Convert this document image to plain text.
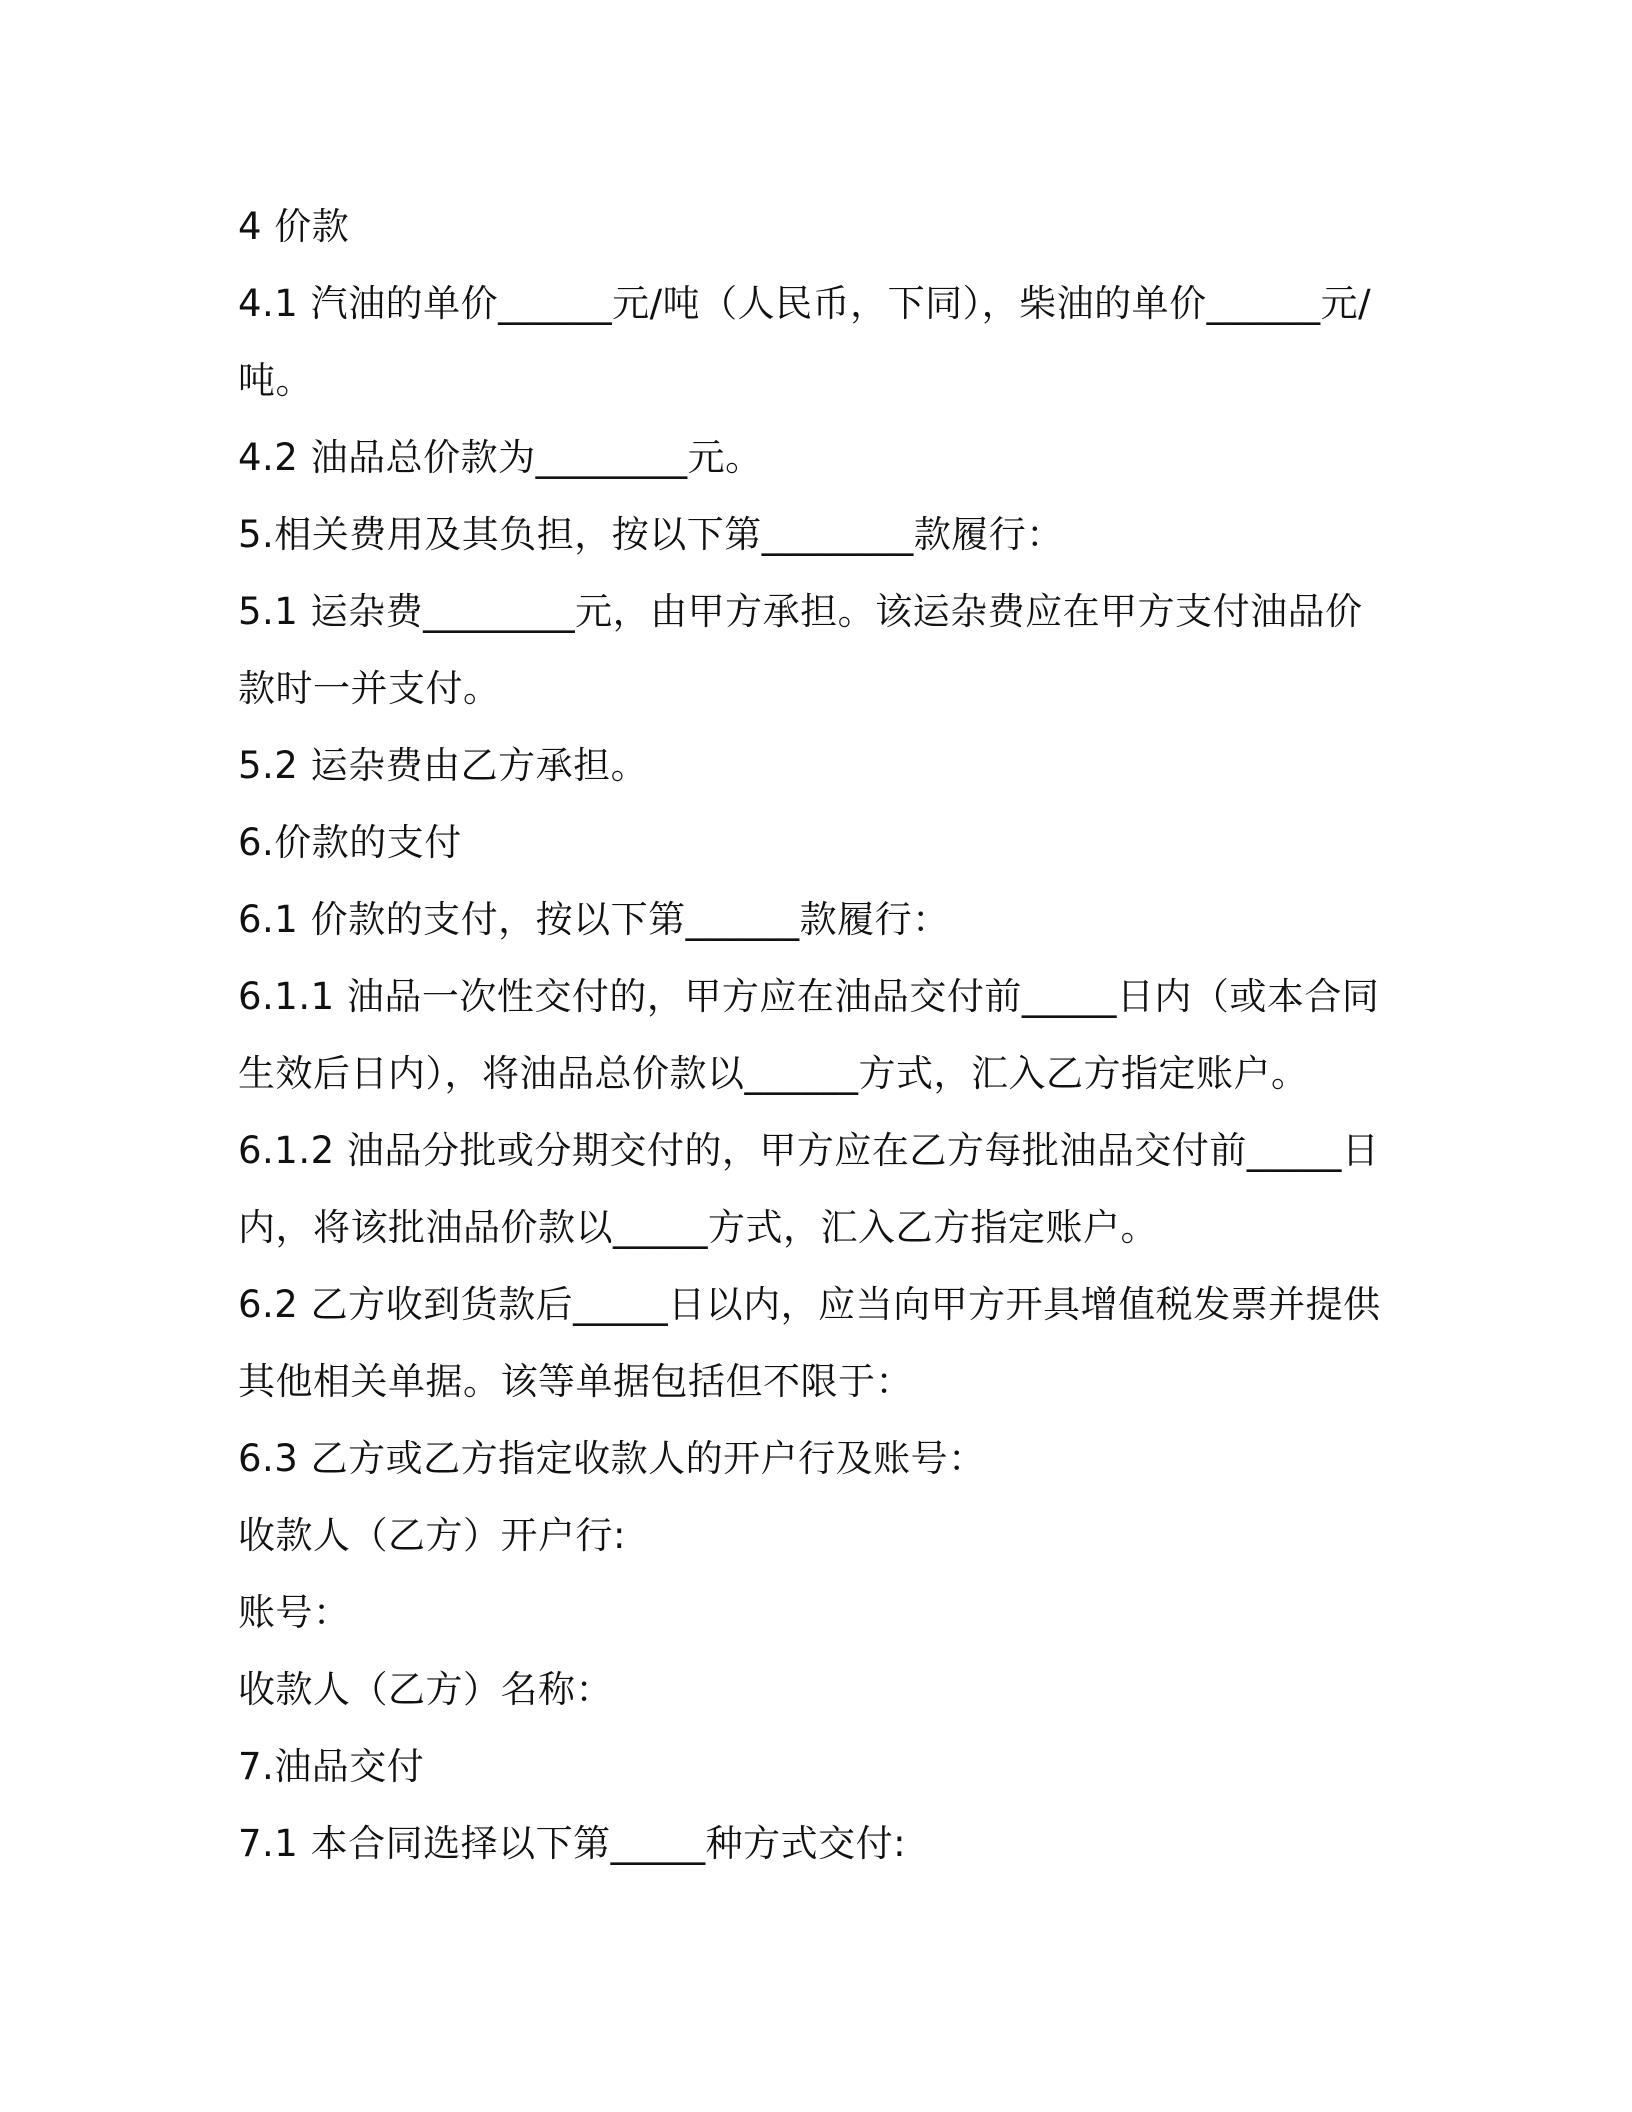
4 价款

4.1 汽油的单价______元/吨（人民币，下同），柴油的单价______元/吨。

4.2 油品总价款为________元。

5.相关费用及其负担，按以下第________款履行：

5.1 运杂费________元，由甲方承担。该运杂费应在甲方支付油品价款时一并支付。

5.2 运杂费由乙方承担。

6.价款的支付

6.1 价款的支付，按以下第______款履行：

6.1.1 油品一次性交付的，甲方应在油品交付前_____日内（或本合同生效后日内），将油品总价款以______方式，汇入乙方指定账户。

6.1.2 油品分批或分期交付的，甲方应在乙方每批油品交付前_____日内，将该批油品价款以_____方式，汇入乙方指定账户。

6.2 乙方收到货款后_____日以内，应当向甲方开具增值税发票并提供其他相关单据。该等单据包括但不限于：

6.3 乙方或乙方指定收款人的开户行及账号：

收款人（乙方）开户行:

账号：

收款人（乙方）名称：

7.油品交付

7.1 本合同选择以下第_____种方式交付:
